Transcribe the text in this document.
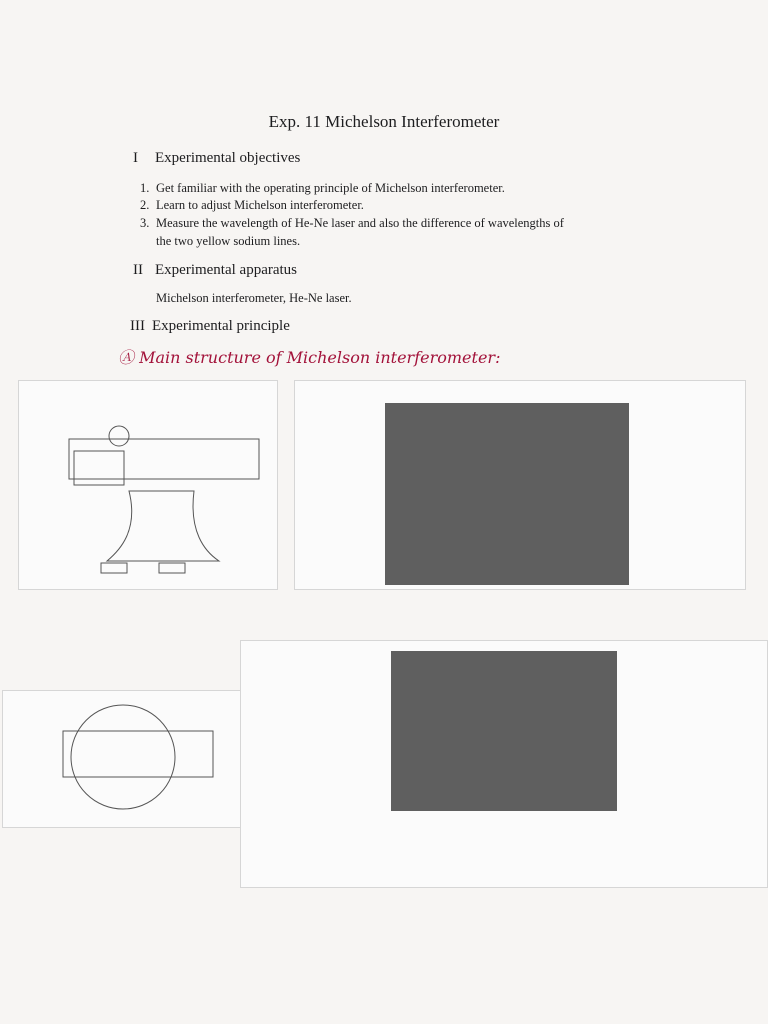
Exp. 11 Michelson Interferometer
I Experimental objectives
1. Get familiar with the operating principle of Michelson interferometer.
2. Learn to adjust Michelson interferometer.
3. Measure the wavelength of He-Ne laser and also the difference of wavelengths of
the two yellow sodium lines.
II Experimental apparatus
Michelson interferometer, He-Ne laser.
III Experimental principle
Ⓐ Main structure of Michelson interferometer:
